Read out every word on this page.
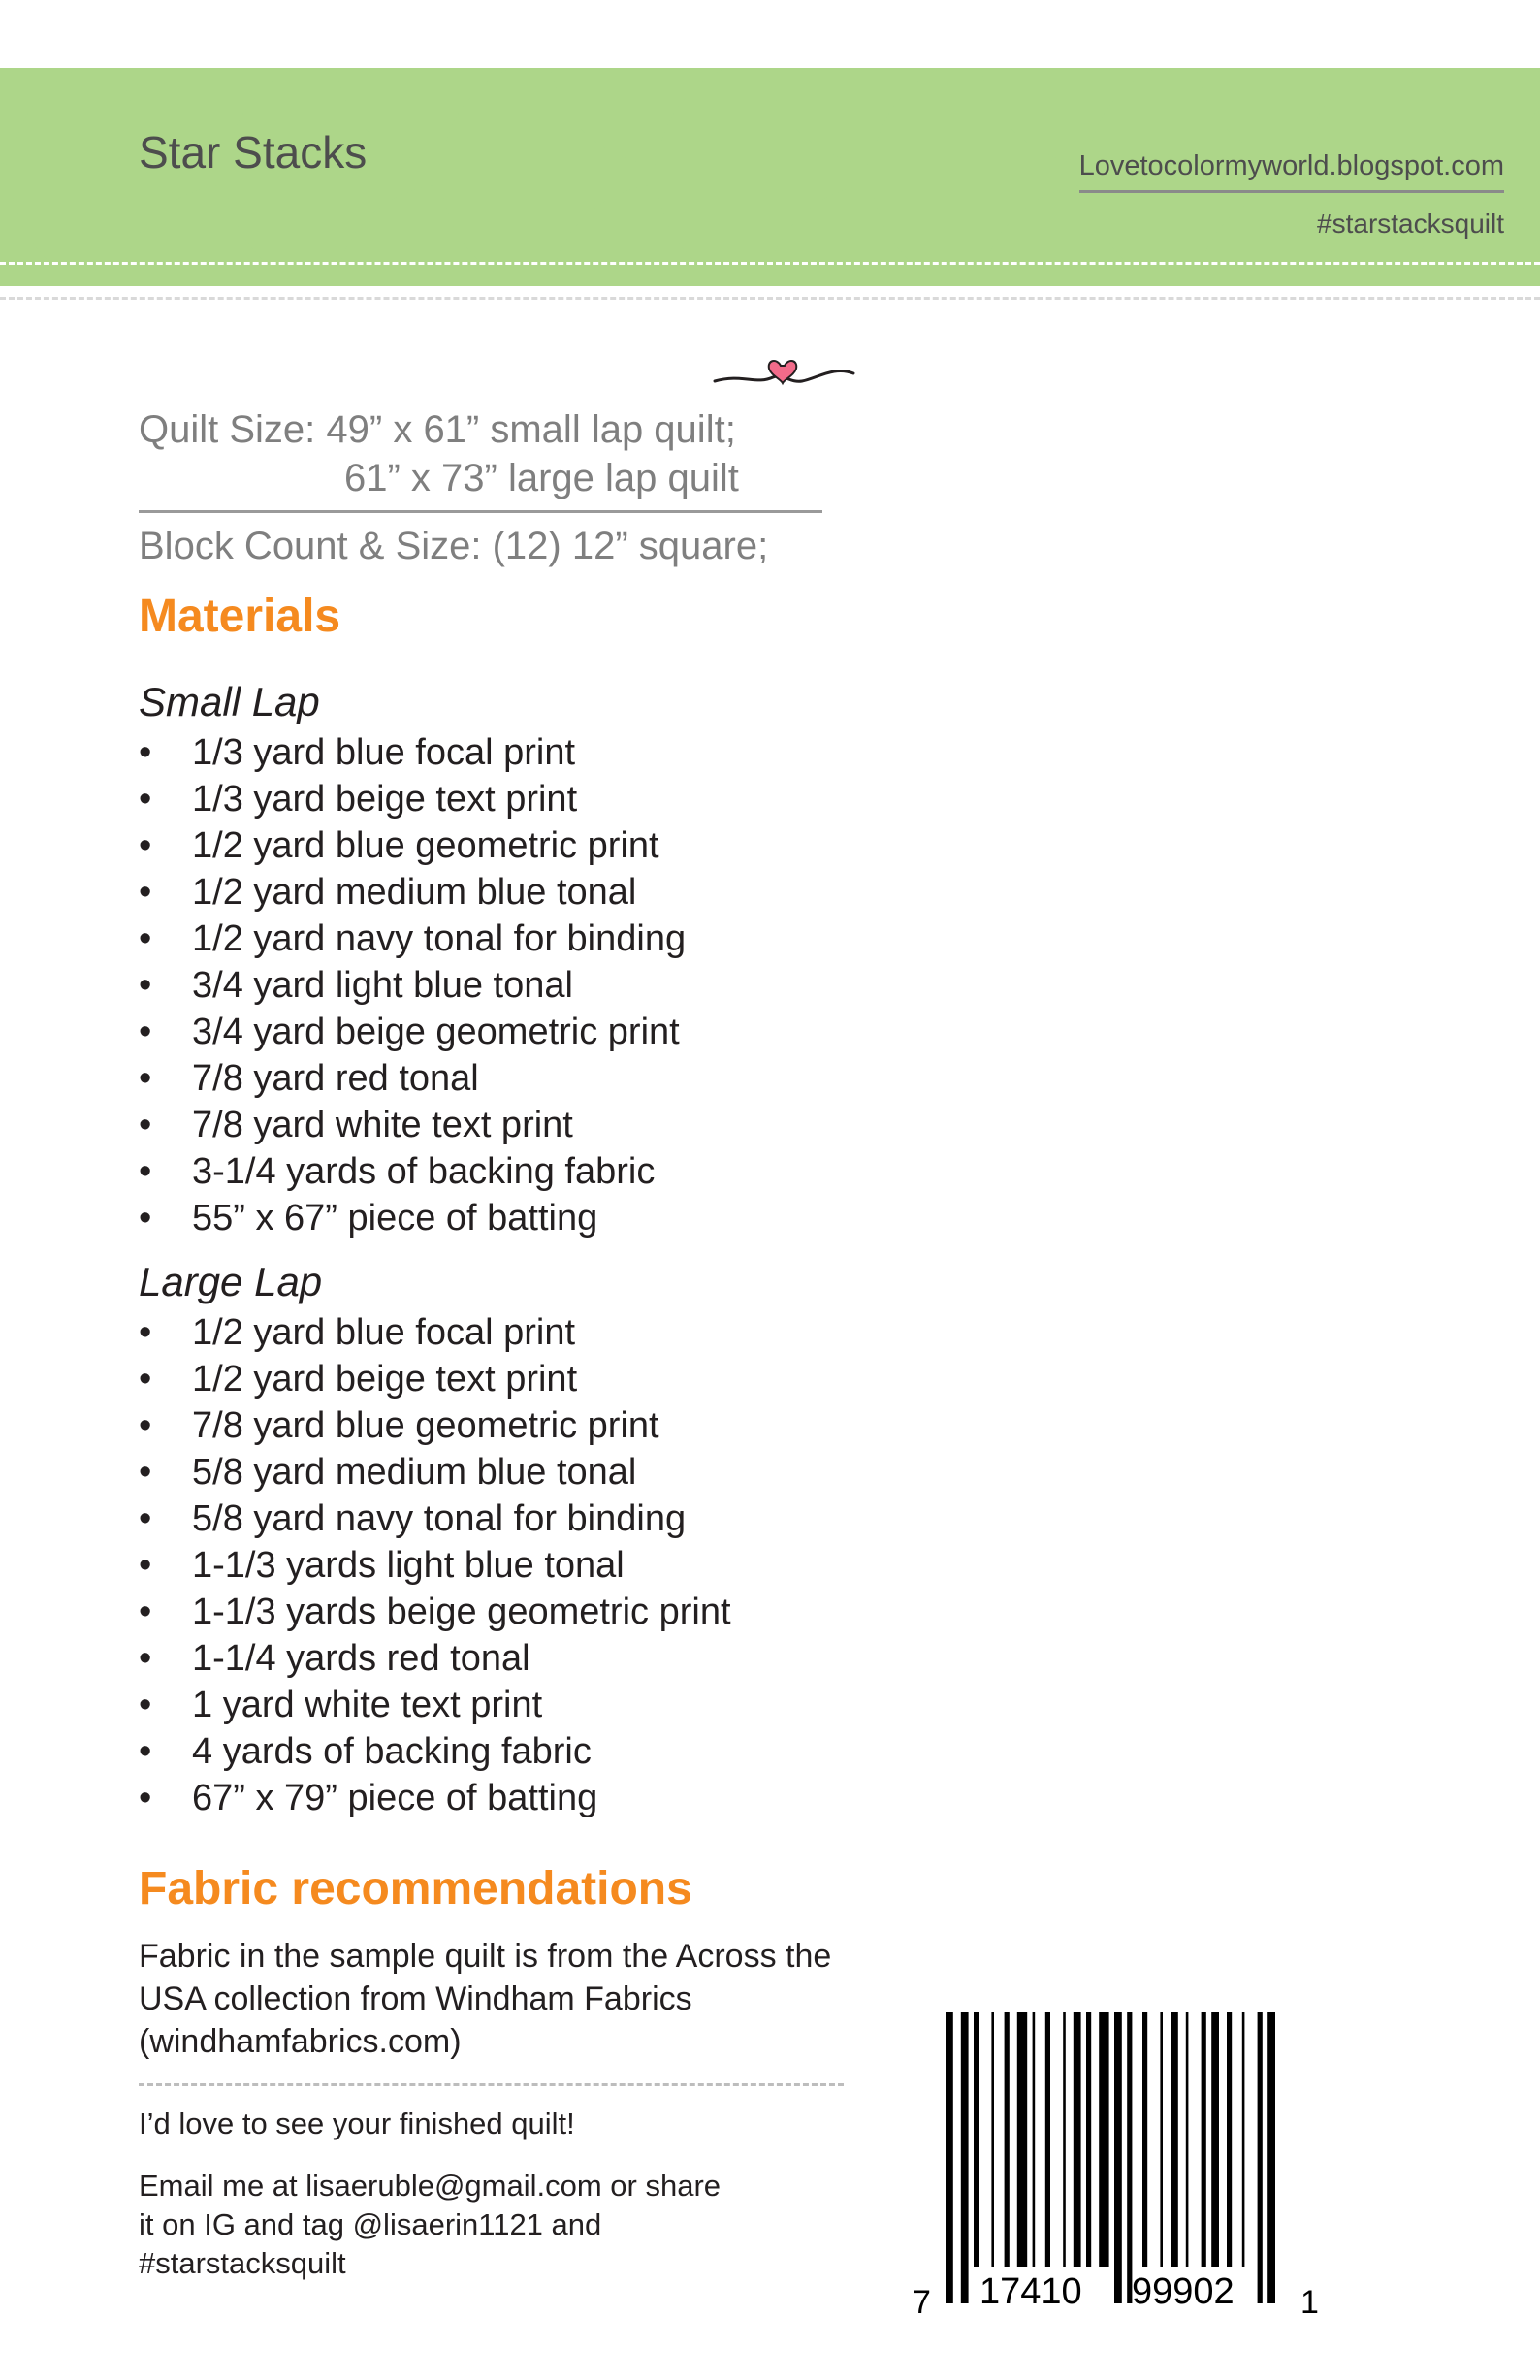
Star Stacks	Lovetocolormyworld.blogspot.com
#starstacksquilt
Quilt Size: 49” x 61” small lap quilt;
61” x 73” large lap quilt
Block Count & Size: (12) 12” square;
Materials
Small Lap
• 1/3 yard blue focal print
• 1/3 yard beige text print
• 1/2 yard blue geometric print
• 1/2 yard medium blue tonal
• 1/2 yard navy tonal for binding
• 3/4 yard light blue tonal
• 3/4 yard beige geometric print
• 7/8 yard red tonal
• 7/8 yard white text print
• 3-1/4 yards of backing fabric
• 55” x 67” piece of batting
Large Lap
• 1/2 yard blue focal print
• 1/2 yard beige text print
• 7/8 yard blue geometric print
• 5/8 yard medium blue tonal
• 5/8 yard navy tonal for binding
• 1-1/3 yards light blue tonal
• 1-1/3 yards beige geometric print
• 1-1/4 yards red tonal
• 1 yard white text print
• 4 yards of backing fabric
• 67” x 79” piece of batting
Fabric recommendations
Fabric in the sample quilt is from the Across the USA collection from Windham Fabrics (windhamfabrics.com)
I’d love to see your finished quilt!
Email me at lisaeruble@gmail.com or share it on IG and tag @lisaerin1121 and #starstacksquilt
7 17410 99902 1
